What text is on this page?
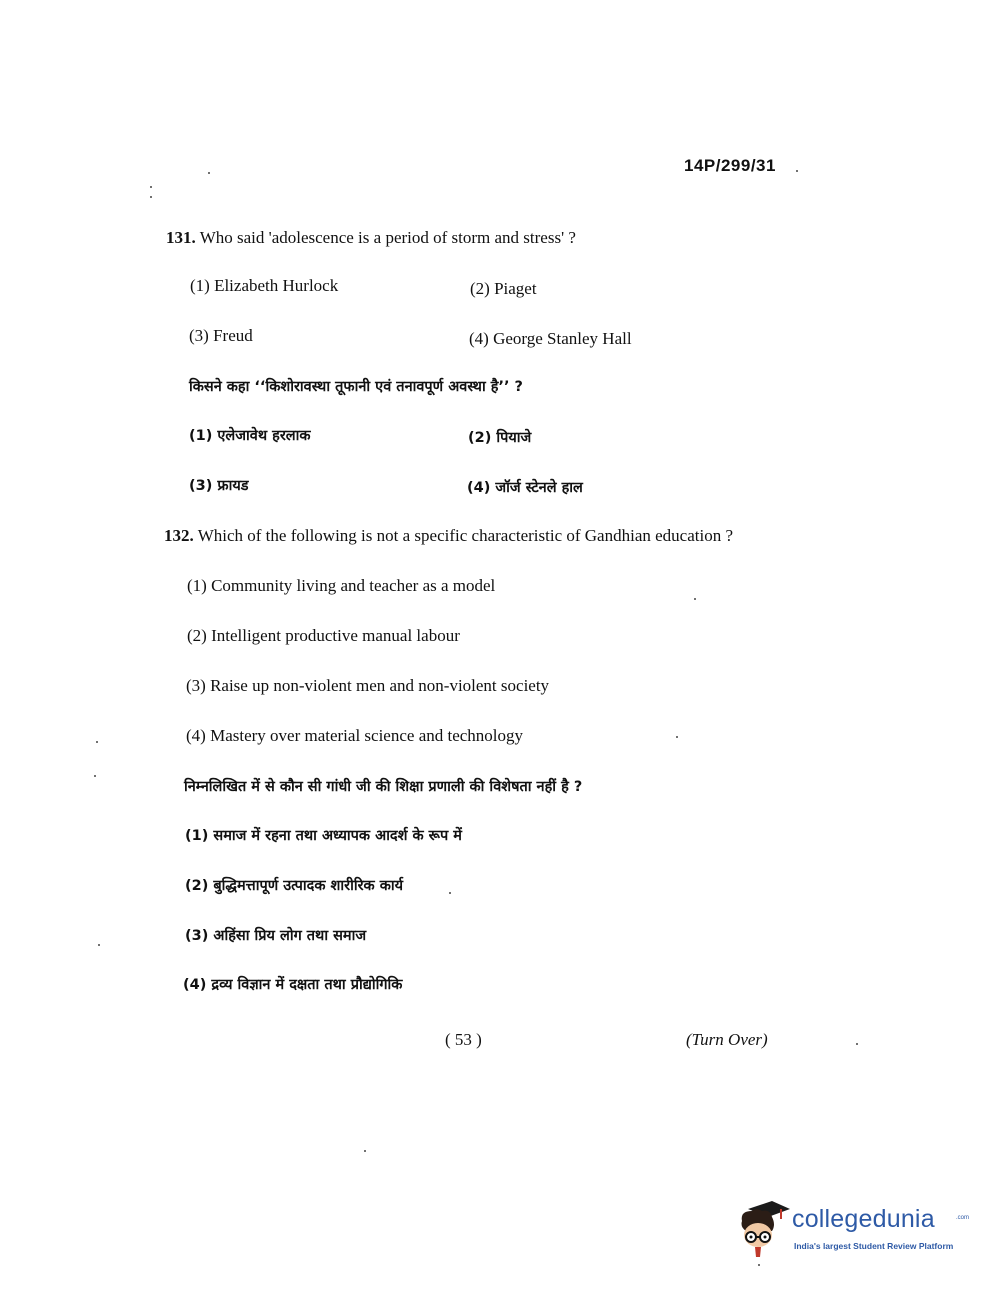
14P/299/31
131. Who said 'adolescence is a period of storm and stress' ?
(1) Elizabeth Hurlock	(2) Piaget
(3) Freud	(4) George Stanley Hall
किसने कहा ‘‘किशोरावस्था तूफानी एवं तनावपूर्ण अवस्था है’’ ?
(1) एलेजावेथ हरलाक	(2) पियाजे
(3) फ्रायड	(4) जॉर्ज स्टेनले हाल
132. Which of the following is not a specific characteristic of Gandhian education ?
(1) Community living and teacher as a model
(2) Intelligent productive manual labour
(3) Raise up non-violent men and non-violent society
(4) Mastery over material science and technology
निम्नलिखित में से कौन सी गांधी जी की शिक्षा प्रणाली की विशेषता नहीं है ?
(1) समाज में रहना तथा अध्यापक आदर्श के रूप में
(2) बुद्धिमत्तापूर्ण उत्पादक शारीरिक कार्य
(3) अहिंसा प्रिय लोग तथा समाज
(4) द्रव्य विज्ञान में दक्षता तथा प्रौद्योगिकि
( 53 )	(Turn Over)
collegedunia	.com
India's largest Student Review Platform
